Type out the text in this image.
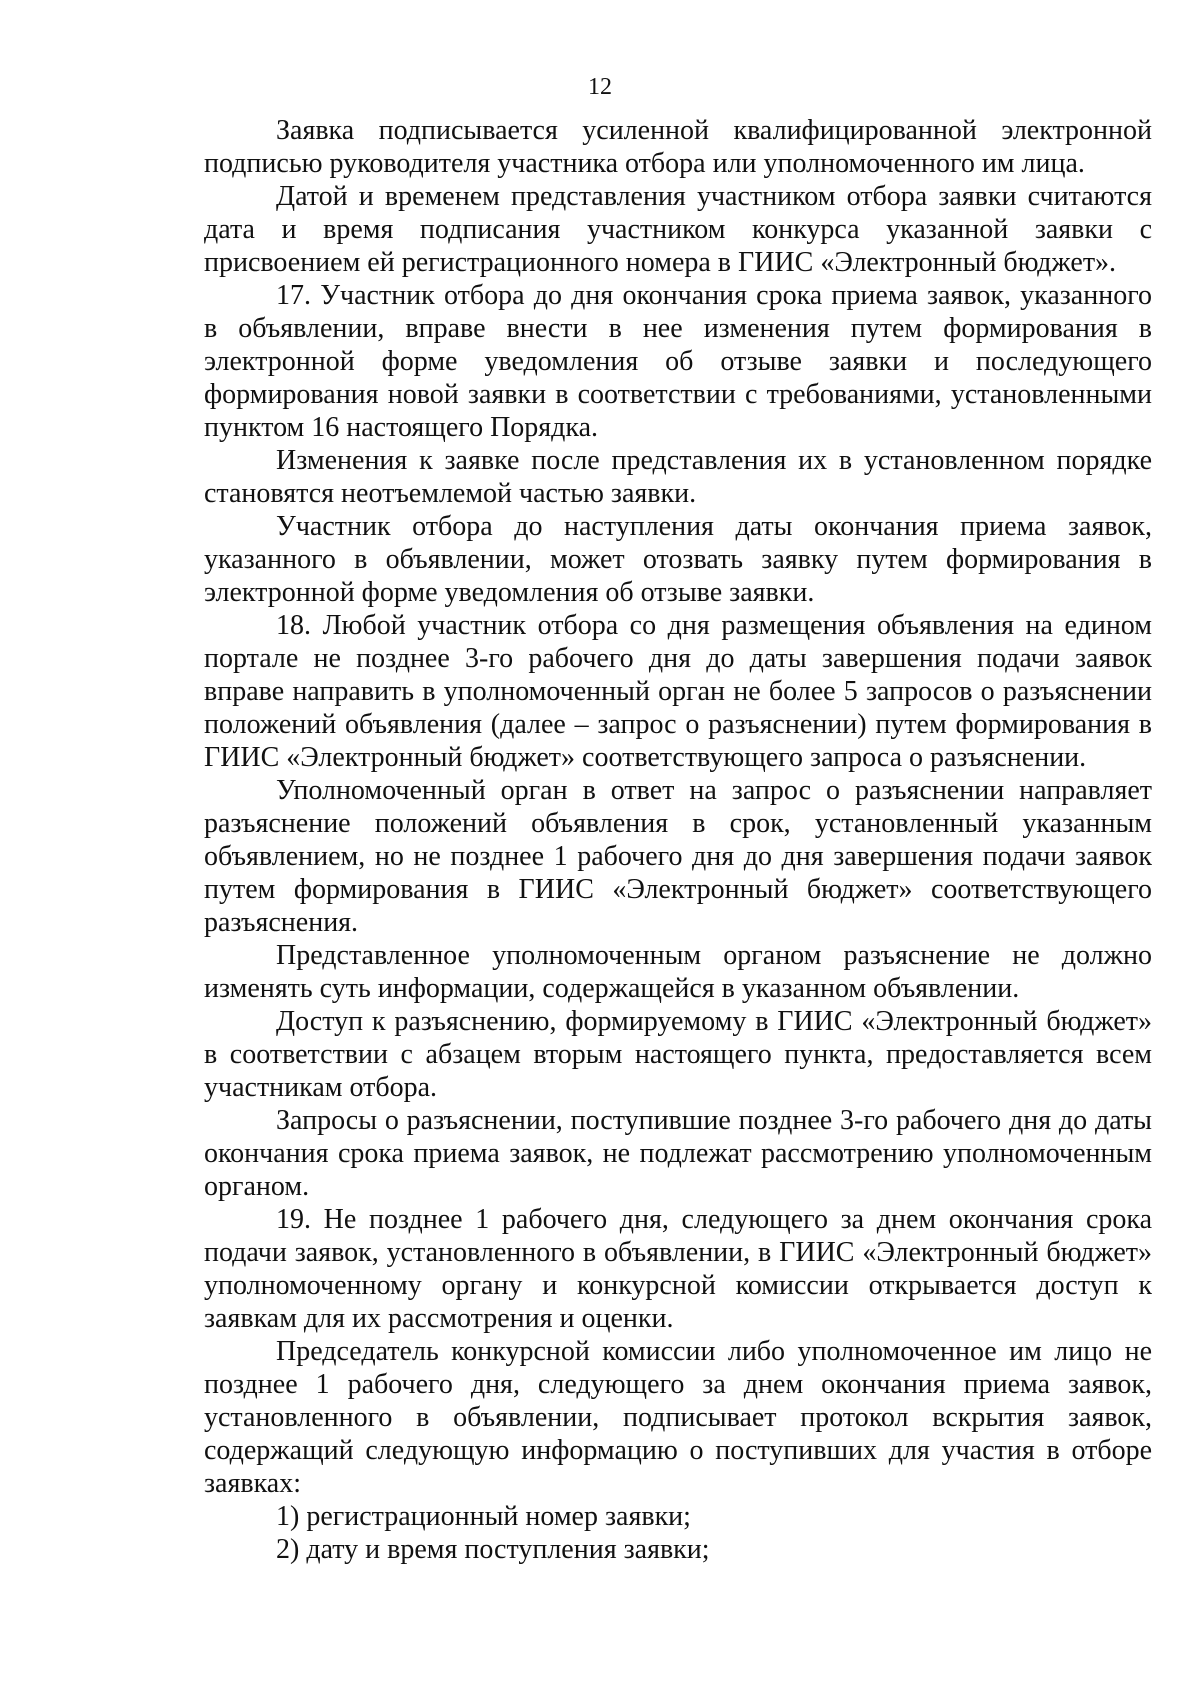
12

Заявка подписывается усиленной квалифицированной электронной подписью руководителя участника отбора или уполномоченного им лица.

Датой и временем представления участником отбора заявки считаются дата и время подписания участником конкурса указанной заявки с присвоением ей регистрационного номера в ГИИС «Электронный бюджет».

17. Участник отбора до дня окончания срока приема заявок, указанного в объявлении, вправе внести в нее изменения путем формирования в электронной форме уведомления об отзыве заявки и последующего формирования новой заявки в соответствии с требованиями, установленными пунктом 16 настоящего Порядка.

Изменения к заявке после представления их в установленном порядке становятся неотъемлемой частью заявки.

Участник отбора до наступления даты окончания приема заявок, указанного в объявлении, может отозвать заявку путем формирования в электронной форме уведомления об отзыве заявки.

18. Любой участник отбора со дня размещения объявления на едином портале не позднее 3-го рабочего дня до даты завершения подачи заявок вправе направить в уполномоченный орган не более 5 запросов о разъяснении положений объявления (далее – запрос о разъяснении) путем формирования в ГИИС «Электронный бюджет» соответствующего запроса о разъяснении.

Уполномоченный орган в ответ на запрос о разъяснении направляет разъяснение положений объявления в срок, установленный указанным объявлением, но не позднее 1 рабочего дня до дня завершения подачи заявок путем формирования в ГИИС «Электронный бюджет» соответствующего разъяснения.

Представленное уполномоченным органом разъяснение не должно изменять суть информации, содержащейся в указанном объявлении.

Доступ к разъяснению, формируемому в ГИИС «Электронный бюджет» в соответствии с абзацем вторым настоящего пункта, предоставляется всем участникам отбора.

Запросы о разъяснении, поступившие позднее 3-го рабочего дня до даты окончания срока приема заявок, не подлежат рассмотрению уполномоченным органом.

19. Не позднее 1 рабочего дня, следующего за днем окончания срока подачи заявок, установленного в объявлении, в ГИИС «Электронный бюджет» уполномоченному органу и конкурсной комиссии открывается доступ к заявкам для их рассмотрения и оценки.

Председатель конкурсной комиссии либо уполномоченное им лицо не позднее 1 рабочего дня, следующего за днем окончания приема заявок, установленного в объявлении, подписывает протокол вскрытия заявок, содержащий следующую информацию о поступивших для участия в отборе заявках:

1) регистрационный номер заявки;

2) дату и время поступления заявки;
